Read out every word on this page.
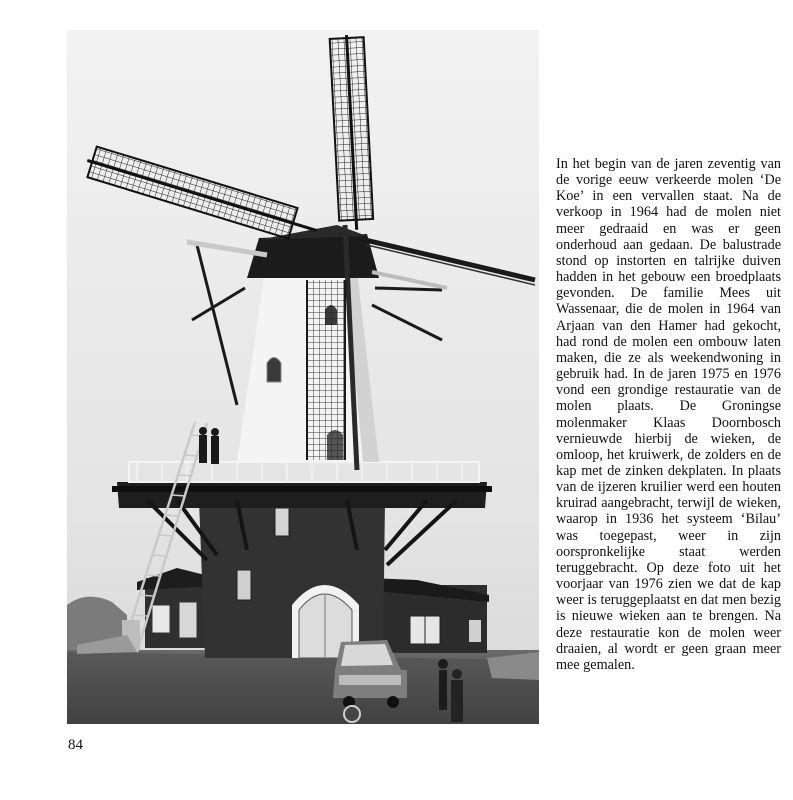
In het begin van de jaren zeventig van de vorige eeuw verkeerde molen ‘De Koe’ in een vervallen staat. Na de verkoop in 1964 had de molen niet meer gedraaid en was er geen onderhoud aan gedaan. De balustrade stond op instorten en talrijke duiven hadden in het gebouw een broedplaats gevonden. De familie Mees uit Wassenaar, die de molen in 1964 van Arjaan van den Hamer had gekocht, had rond de molen een ombouw laten maken, die ze als weekendwoning in gebruik had. In de jaren 1975 en 1976 vond een grondige restauratie van de molen plaats. De Groningse molenmaker Klaas Doornbosch vernieuwde hierbij de wieken, de omloop, het kruiwerk, de zolders en de kap met de zinken dekplaten. In plaats van de ijzeren kruilier werd een houten kruirad aangebracht, terwijl de wieken, waarop in 1936 het systeem ‘Bilau’ was toegepast, weer in zijn oorspronkelijke staat werden teruggebracht. Op deze foto uit het voorjaar van 1976 zien we dat de kap weer is teruggeplaatst en dat men bezig is nieuwe wieken aan te brengen. Na deze restauratie kon de molen weer draaien, al wordt er geen graan meer mee gemalen.
84
